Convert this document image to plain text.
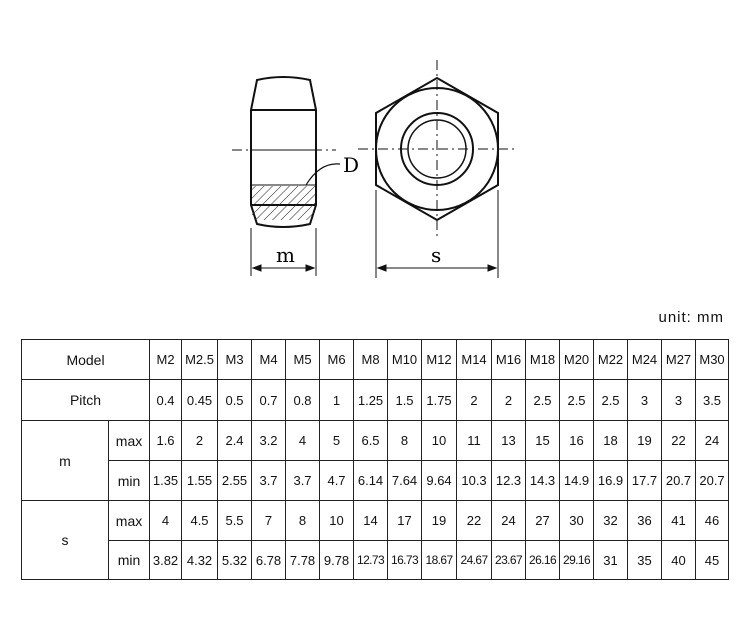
D
m	s
unit: mm
Model		M2	M2.5	M3	M4	M5	M6	M8	M10	M12	M14	M16	M18	M20	M22	M24	M27	M30
Pitch		0.4	0.45	0.5	0.7	0.8	1	1.25	1.5	1.75	2	2	2.5	2.5	2.5	3	3	3.5
m	max	1.6	2	2.4	3.2	4	5	6.5	8	10	11	13	15	16	18	19	22	24
	min	1.35	1.55	2.55	3.7	3.7	4.7	6.14	7.64	9.64	10.3	12.3	14.3	14.9	16.9	17.7	20.7	20.7
s	max	4	4.5	5.5	7	8	10	14	17	19	22	24	27	30	32	36	41	46
	min	3.82	4.32	5.32	6.78	7.78	9.78	12.73	16.73	18.67	24.67	23.67	26.16	29.16	31	35	40	45
